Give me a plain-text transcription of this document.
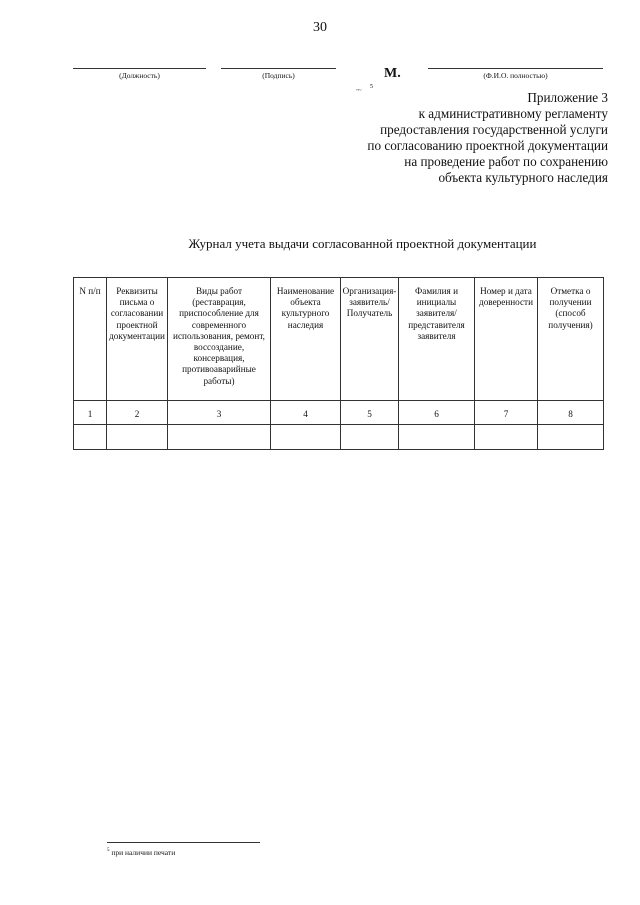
30
(Должность)	(Подпись)	М.
~~
5
(Ф.И.О. полностью)
Приложение 3
к административному регламенту
предоставления государственной услуги
по согласованию проектной документации
на проведение работ по сохранению
объекта культурного наследия
Журнал учета выдачи согласованной проектной документации
N п/п	Реквизиты письма о согласовании проектной документации	Виды работ (реставрация, приспособление для современного использования, ремонт, воссоздание, консервация, противоаварийные работы)	Наименование объекта культурного наследия	Организация-заявитель/ Получатель	Фамилия и инициалы заявителя/ представителя заявителя	Номер и дата доверенности	Отметка о получении (способ получения)
1	2	3	4	5	6	7	8

$^5$ при наличии печати
